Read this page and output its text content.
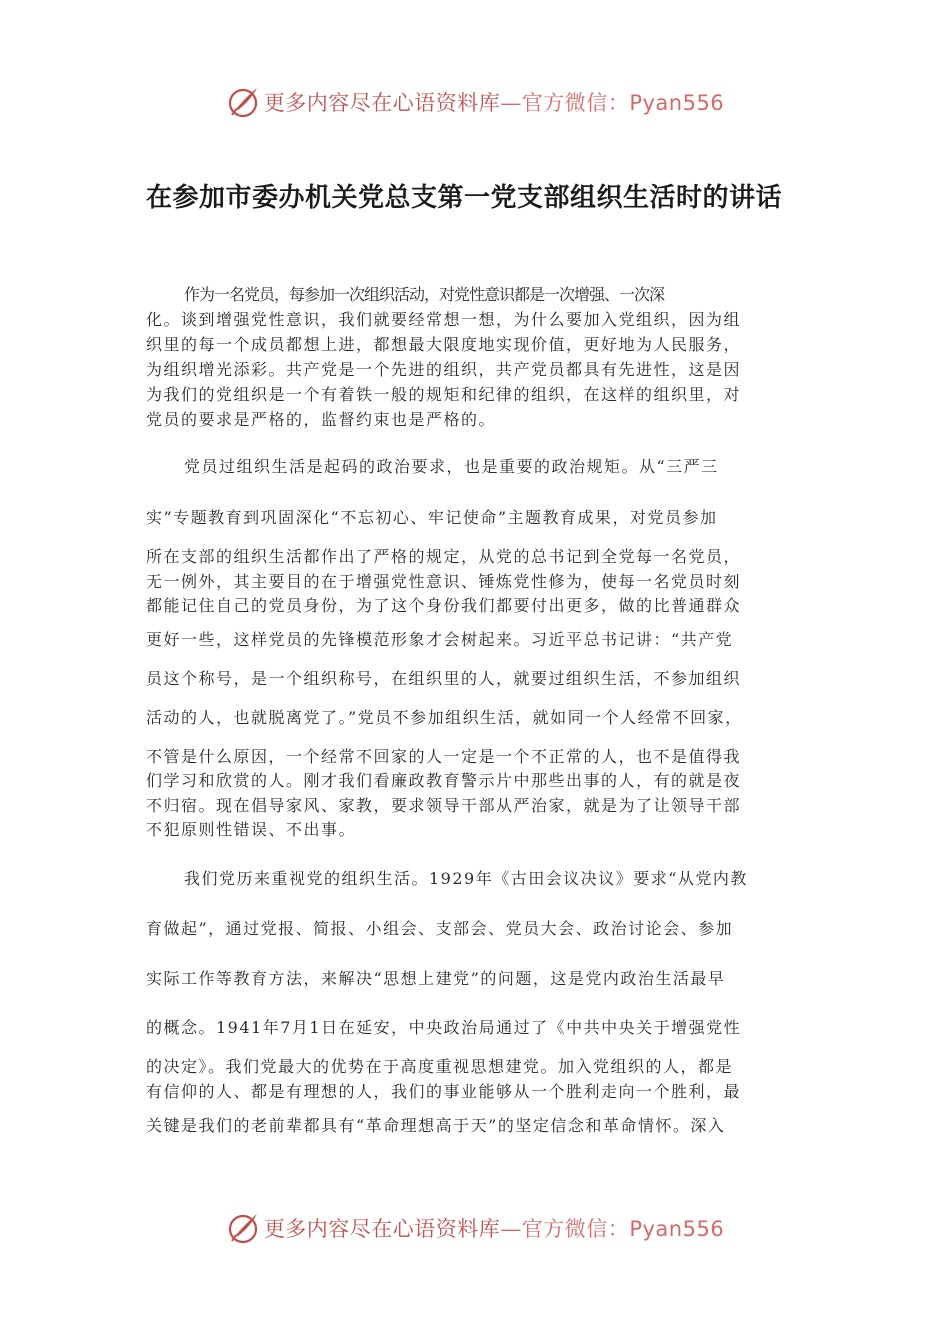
更多内容尽在心语资料库—官方微信：Pyan556
在参加市委办机关党总支第一党支部组织生活时的讲话
作为一名党员，每参加一次组织活动，对党性意识都是一次增强、一次深
化。谈到增强党性意识，我们就要经常想一想，为什么要加入党组织，因为组
织里的每一个成员都想上进，都想最大限度地实现价值，更好地为人民服务，
为组织增光添彩。共产党是一个先进的组织，共产党员都具有先进性，这是因
为我们的党组织是一个有着铁一般的规矩和纪律的组织，在这样的组织里，对
党员的要求是严格的，监督约束也是严格的。
党员过组织生活是起码的政治要求，也是重要的政治规矩。从“三严三
实”专题教育到巩固深化“不忘初心、牢记使命”主题教育成果，对党员参加
所在支部的组织生活都作出了严格的规定，从党的总书记到全党每一名党员，
无一例外，其主要目的在于增强党性意识、锤炼党性修为，使每一名党员时刻
都能记住自己的党员身份，为了这个身份我们都要付出更多，做的比普通群众
更好一些，这样党员的先锋模范形象才会树起来。习近平总书记讲：“共产党
员这个称号，是一个组织称号，在组织里的人，就要过组织生活，不参加组织
活动的人，也就脱离党了。”党员不参加组织生活，就如同一个人经常不回家，
不管是什么原因，一个经常不回家的人一定是一个不正常的人，也不是值得我
们学习和欣赏的人。刚才我们看廉政教育警示片中那些出事的人，有的就是夜
不归宿。现在倡导家风、家教，要求领导干部从严治家，就是为了让领导干部
不犯原则性错误、不出事。
我们党历来重视党的组织生活。1929年《古田会议决议》要求“从党内教
育做起”，通过党报、简报、小组会、支部会、党员大会、政治讨论会、参加
实际工作等教育方法，来解决“思想上建党”的问题，这是党内政治生活最早
的概念。1941年7月1日在延安，中央政治局通过了《中共中央关于增强党性
的决定》。我们党最大的优势在于高度重视思想建党。加入党组织的人，都是
有信仰的人、都是有理想的人，我们的事业能够从一个胜利走向一个胜利，最
关键是我们的老前辈都具有“革命理想高于天”的坚定信念和革命情怀。深入
更多内容尽在心语资料库—官方微信：Pyan556
